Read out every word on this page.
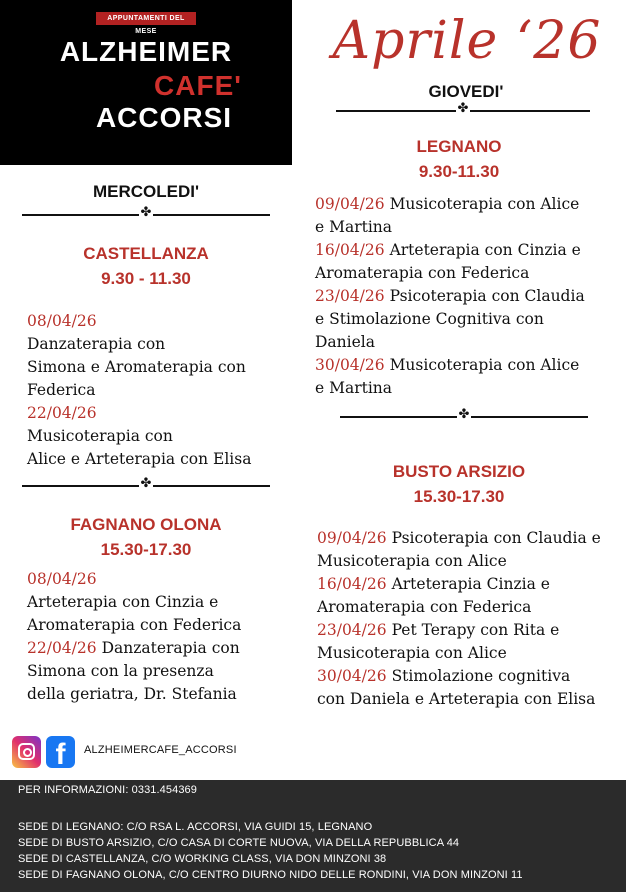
APPUNTAMENTI DEL MESE
ALZHEIMER
CAFE'
ACCORSI
Aprile ‘26
GIOVEDI'
✤
MERCOLEDI'
✤
CASTELLANZA
9.30 - 11.30
08/04/26
Danzaterapia con
Simona e Aromaterapia con
Federica
22/04/26
Musicoterapia con
Alice e Arteterapia con Elisa
✤
FAGNANO OLONA
15.30-17.30
08/04/26
Arteterapia con Cinzia e
Aromaterapia con Federica
22/04/26 Danzaterapia con
Simona con la presenza
della geriatra, Dr. Stefania
LEGNANO
9.30-11.30
09/04/26 Musicoterapia con Alice
e Martina
16/04/26 Arteterapia con Cinzia e
Aromaterapia con Federica
23/04/26 Psicoterapia con Claudia
e Stimolazione Cognitiva con
Daniela
30/04/26 Musicoterapia con Alice
e Martina
✤
BUSTO ARSIZIO
15.30-17.30
09/04/26 Psicoterapia con Claudia e
Musicoterapia con Alice
16/04/26 Arteterapia Cinzia e
Aromaterapia con Federica
23/04/26 Pet Terapy con Rita e
Musicoterapia con Alice
30/04/26 Stimolazione cognitiva
con Daniela e Arteterapia con Elisa
f	ALZHEIMERCAFE_ACCORSI
PER INFORMAZIONI: 0331.454369
SEDE DI LEGNANO: C/O RSA L. ACCORSI, VIA GUIDI 15, LEGNANO
SEDE DI BUSTO ARSIZIO, C/O CASA DI CORTE NUOVA, VIA DELLA REPUBBLICA 44
SEDE DI CASTELLANZA, C/O WORKING CLASS, VIA DON MINZONI 38
SEDE DI FAGNANO OLONA, C/O CENTRO DIURNO NIDO DELLE RONDINI, VIA DON MINZONI 11
